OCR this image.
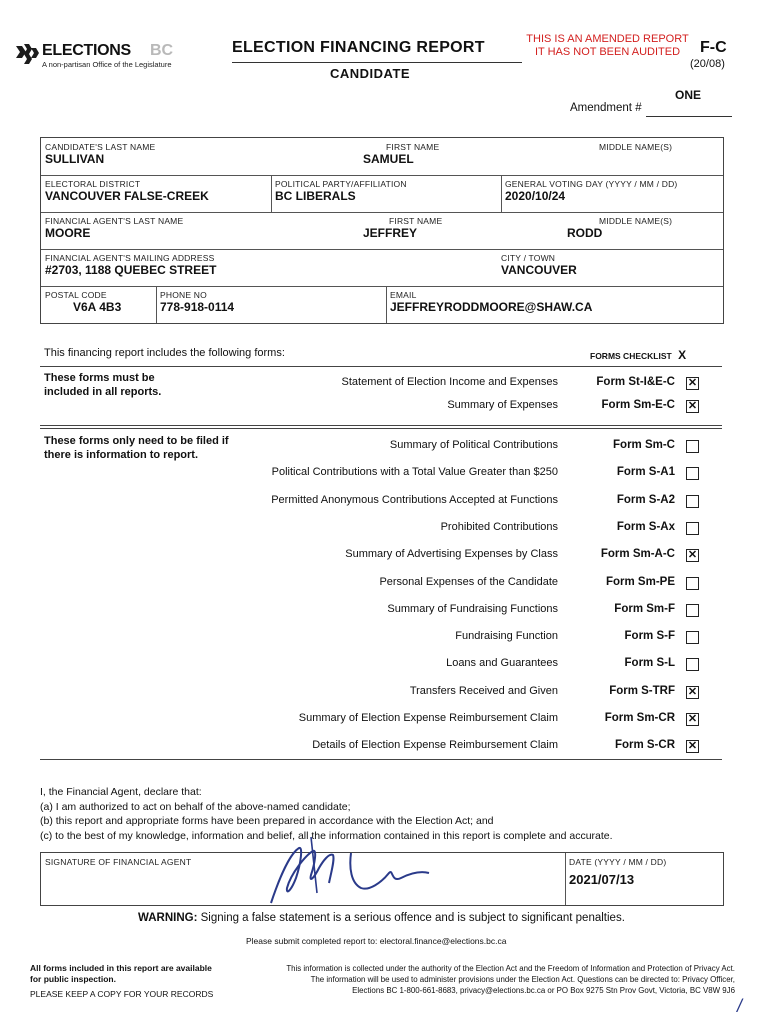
ELECTIONS BC
A non-partisan Office of the Legislature
ELECTION FINANCING REPORT
CANDIDATE
THIS IS AN AMENDED REPORT
IT HAS NOT BEEN AUDITED	F-C
(20/08)
ONE
Amendment #
CANDIDATE'S LAST NAME
SULLIVAN
FIRST NAME
SAMUEL
MIDDLE NAME(S)
ELECTORAL DISTRICT
VANCOUVER FALSE-CREEK
POLITICAL PARTY/AFFILIATION
BC LIBERALS
GENERAL VOTING DAY (YYYY / MM / DD)
2020/10/24
FINANCIAL AGENT'S LAST NAME
MOORE
FIRST NAME
JEFFREY
MIDDLE NAME(S)
RODD
FINANCIAL AGENT'S MAILING ADDRESS
#2703, 1188 QUEBEC STREET
CITY / TOWN
VANCOUVER
POSTAL CODE
V6A 4B3
PHONE NO
778-918-0114
EMAIL
JEFFREYRODDMOORE@SHAW.CA
This financing report includes the following forms:	FORMS CHECKLIST X
These forms must be included in all reports.
Statement of Election Income and Expenses	Form St-I&E-C ✕
Summary of Expenses	Form Sm-E-C ✕
These forms only need to be filed if there is information to report.
Summary of Political Contributions	Form Sm-C
Political Contributions with a Total Value Greater than $250	Form S-A1
Permitted Anonymous Contributions Accepted at Functions	Form S-A2
Prohibited Contributions	Form S-Ax
Summary of Advertising Expenses by Class	Form Sm-A-C ✕
Personal Expenses of the Candidate	Form Sm-PE
Summary of Fundraising Functions	Form Sm-F
Fundraising Function	Form S-F
Loans and Guarantees	Form S-L
Transfers Received and Given	Form S-TRF ✕
Summary of Election Expense Reimbursement Claim	Form Sm-CR ✕
Details of Election Expense Reimbursement Claim	Form S-CR ✕
I, the Financial Agent, declare that:
(a) I am authorized to act on behalf of the above-named candidate;
(b) this report and appropriate forms have been prepared in accordance with the Election Act; and
(c) to the best of my knowledge, information and belief, all the information contained in this report is complete and accurate.
SIGNATURE OF FINANCIAL AGENT	DATE (YYYY / MM / DD)
2021/07/13
WARNING: Signing a false statement is a serious offence and is subject to significant penalties.
Please submit completed report to: electoral.finance@elections.bc.ca
All forms included in this report are available
for public inspection.
PLEASE KEEP A COPY FOR YOUR RECORDS
This information is collected under the authority of the Election Act and the Freedom of Information and Protection of Privacy Act.
The information will be used to administer provisions under the Election Act. Questions can be directed to: Privacy Officer,
Elections BC 1-800-661-8683, privacy@elections.bc.ca or PO Box 9275 Stn Prov Govt, Victoria, BC V8W 9J6
/
